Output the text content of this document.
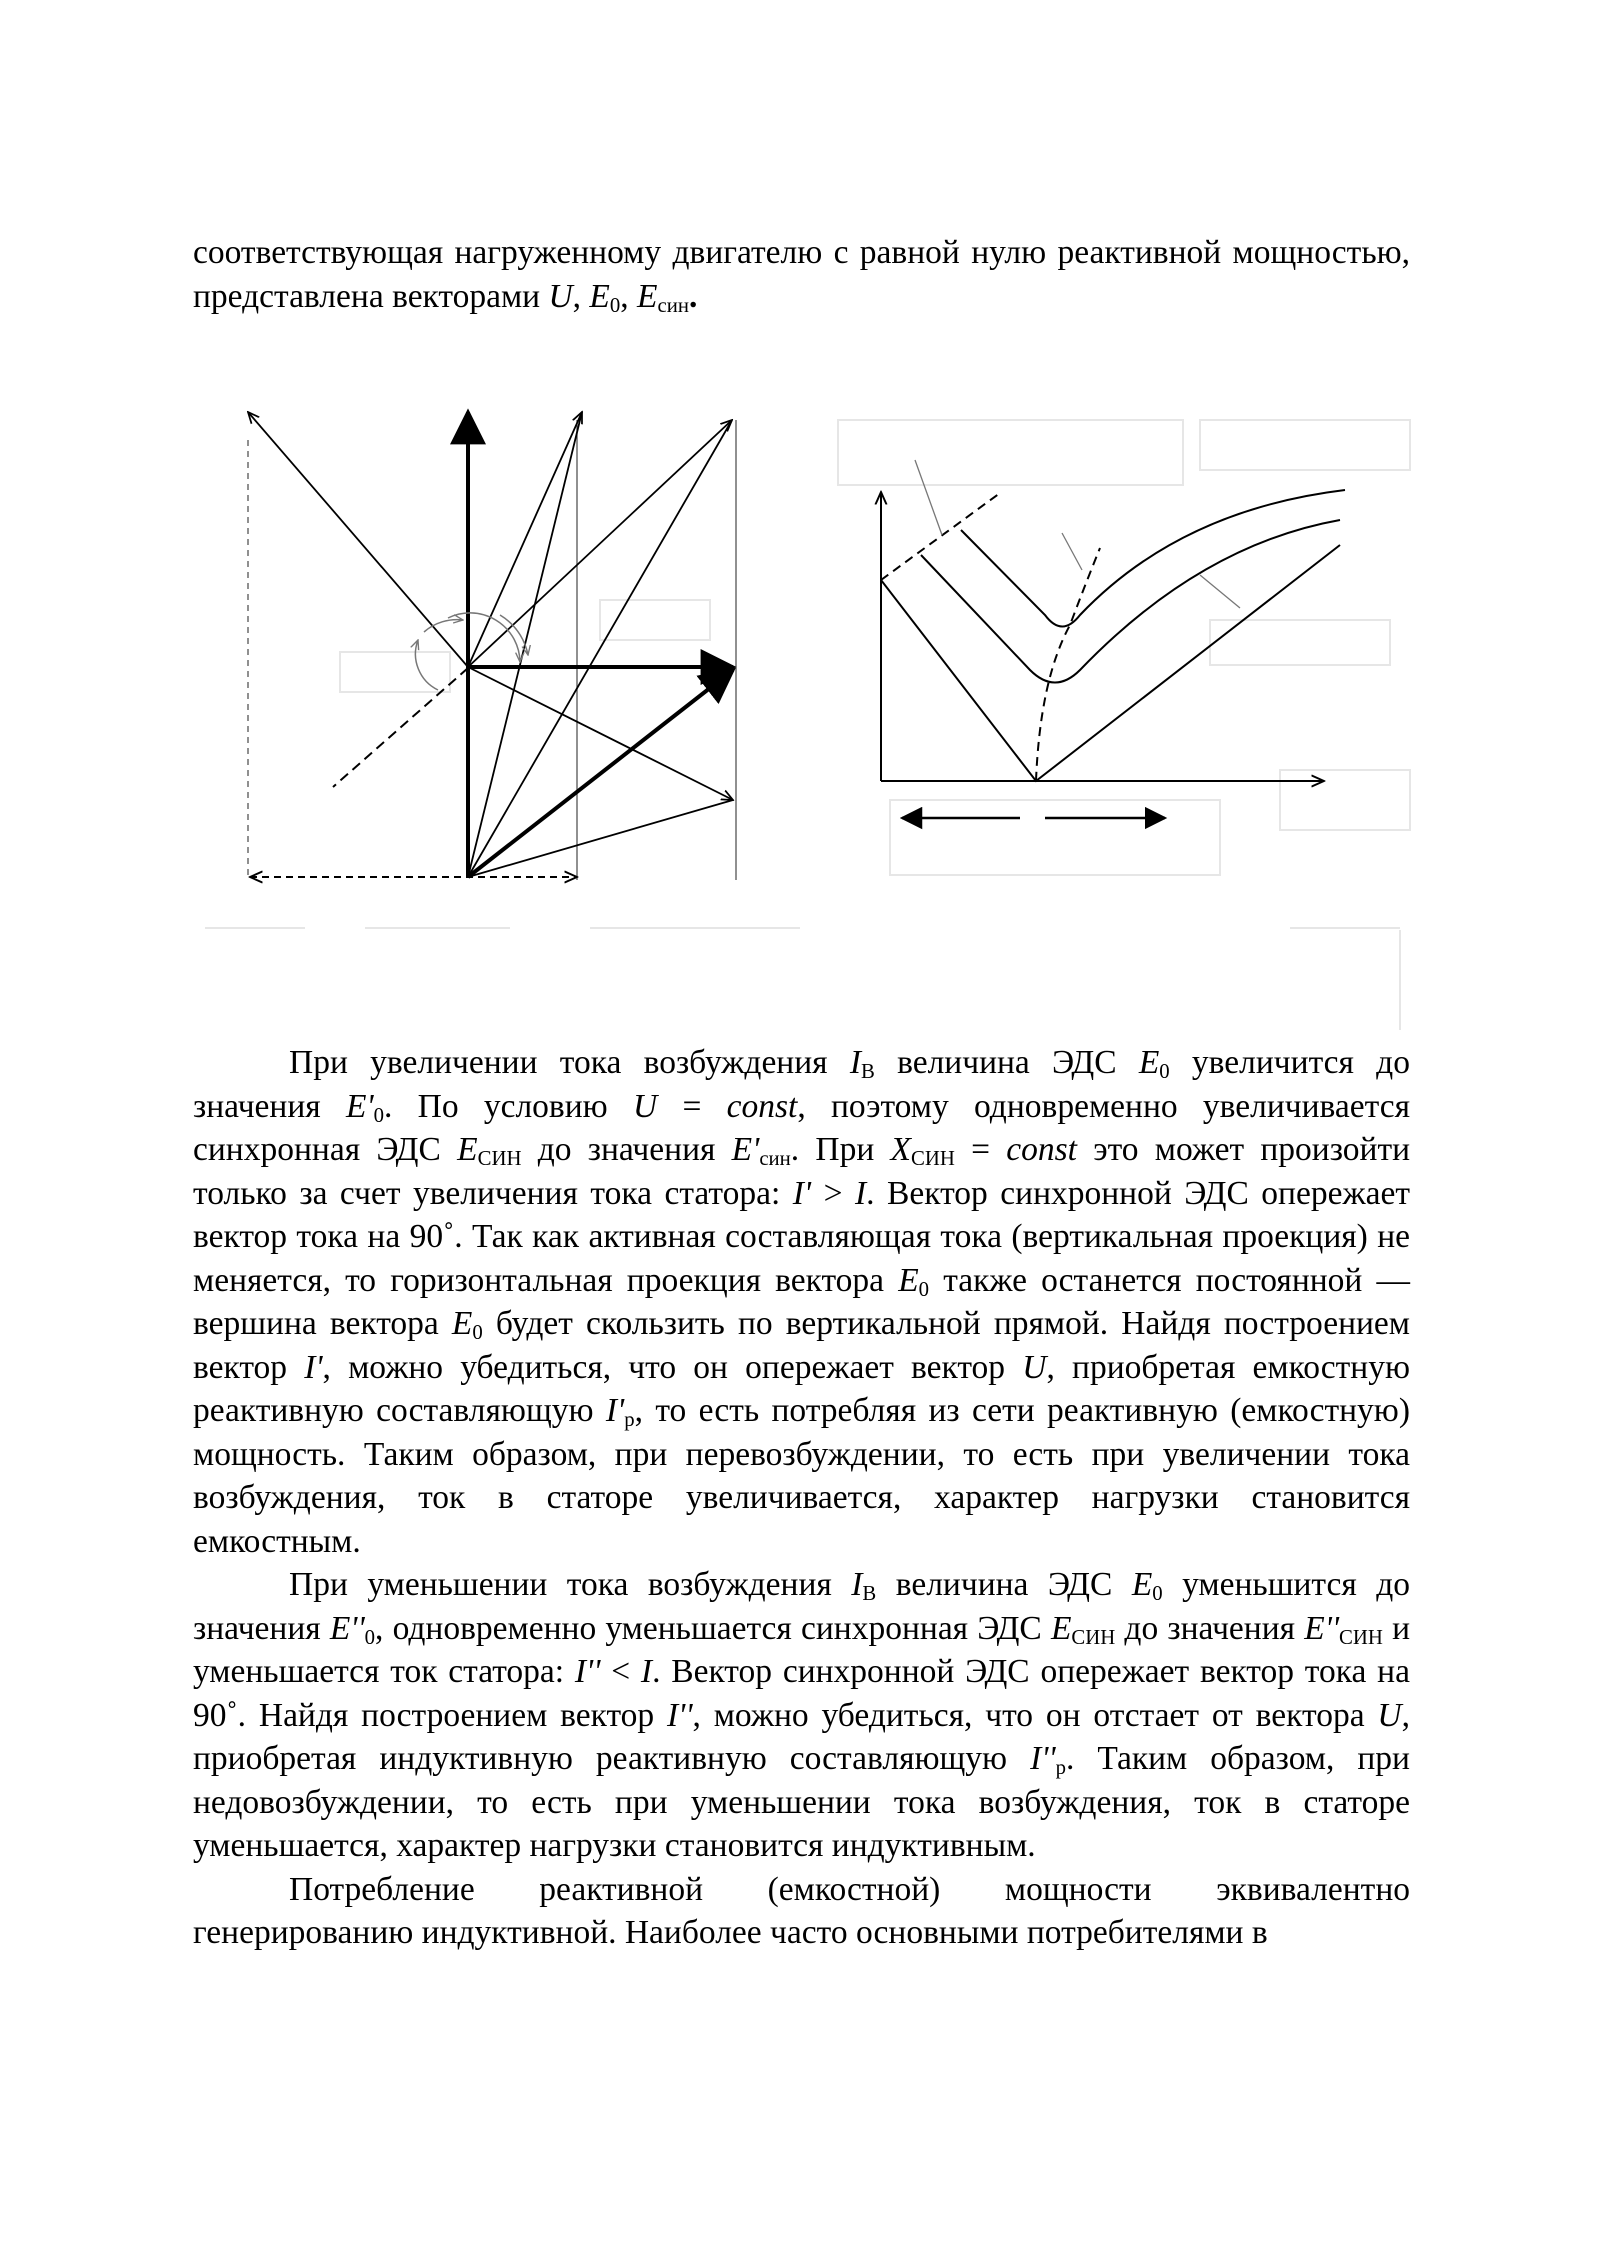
соответствующая нагруженному двигателю с равной нулю реактивной мощностью, представлена векторами U, $E_0$, $E_{син}$.

При увеличении тока возбуждения $I_В$ величина ЭДС $E_0$ увеличится до значения $E'_0$. По условию U = const, поэтому одновременно увеличивается синхронная ЭДС $E_{СИН}$ до значения $E'_{син}$. При $X_{СИН}$ = const это может произойти только за счет увеличения тока статора: I' > I. Вектор синхронной ЭДС опережает вектор тока на 90˚. Так как активная составляющая тока (вертикальная проекция) не меняется, то горизонтальная проекция вектора $E_0$ также останется постоянной — вершина вектора $E_0$ будет скользить по вертикальной прямой. Найдя построением вектор I', можно убедиться, что он опережает вектор U, приобретая емкостную реактивную составляющую $I'_р$, то есть потребляя из сети реактивную (емкостную) мощность. Таким образом, при перевозбуждении, то есть при увеличении тока возбуждения, ток в статоре увеличивается, характер нагрузки становится емкостным.

При уменьшении тока возбуждения $I_В$ величина ЭДС $E_0$ уменьшится до значения $E''_0$, одновременно уменьшается синхронная ЭДС $E_{СИН}$ до значения $E''_{СИН}$ и уменьшается ток статора: I'' < I. Вектор синхронной ЭДС опережает вектор тока на 90˚. Найдя построением вектор I'', можно убедиться, что он отстает от вектора U, приобретая индуктивную реактивную составляющую $I''_р$. Таким образом, при недовозбуждении, то есть при уменьшении тока возбуждения, ток в статоре уменьшается, характер нагрузки становится индуктивным.

Потребление реактивной (емкостной) мощности эквивалентно генерированию индуктивной. Наиболее часто основными потребителями в
